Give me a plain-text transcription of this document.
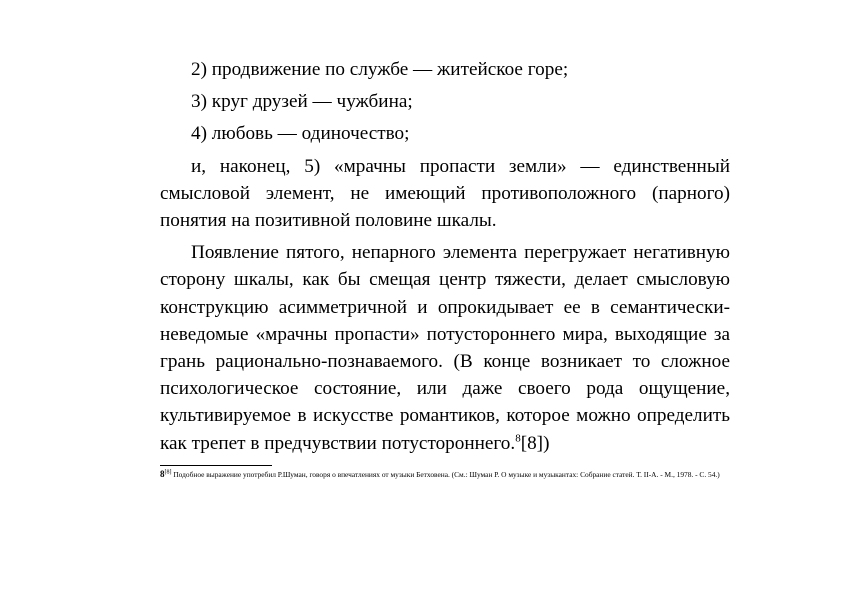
2) продвижение по службе — житейское горе;

3) круг друзей — чужбина;

4) любовь — одиночество;

и, наконец, 5) «мрачны пропасти земли» — единственный смысловой элемент, не имеющий противоположного (парного) понятия на позитивной половине шкалы.

Появление пятого, непарного элемента перегружает негативную сторону шкалы, как бы смещая центр тяжести, делает смысловую конструкцию асимметричной и опрокидывает ее в семантически-неведомые «мрачны пропасти» потустороннего мира, выходящие за грань рационально-познаваемого. (В конце возникает то сложное психологическое состояние, или даже своего рода ощущение, культивируемое в искусстве романтиков, которое можно определить как трепет в предчувствии потустороннего.$^8$[8])

8[8] Подобное выражение употребил Р.Шуман, говоря о впечатлениях от музыки Бетховена. (См.: Шуман Р. О музыке и музыкантах: Собрание статей. Т. II-А. - М., 1978. - С. 54.)
